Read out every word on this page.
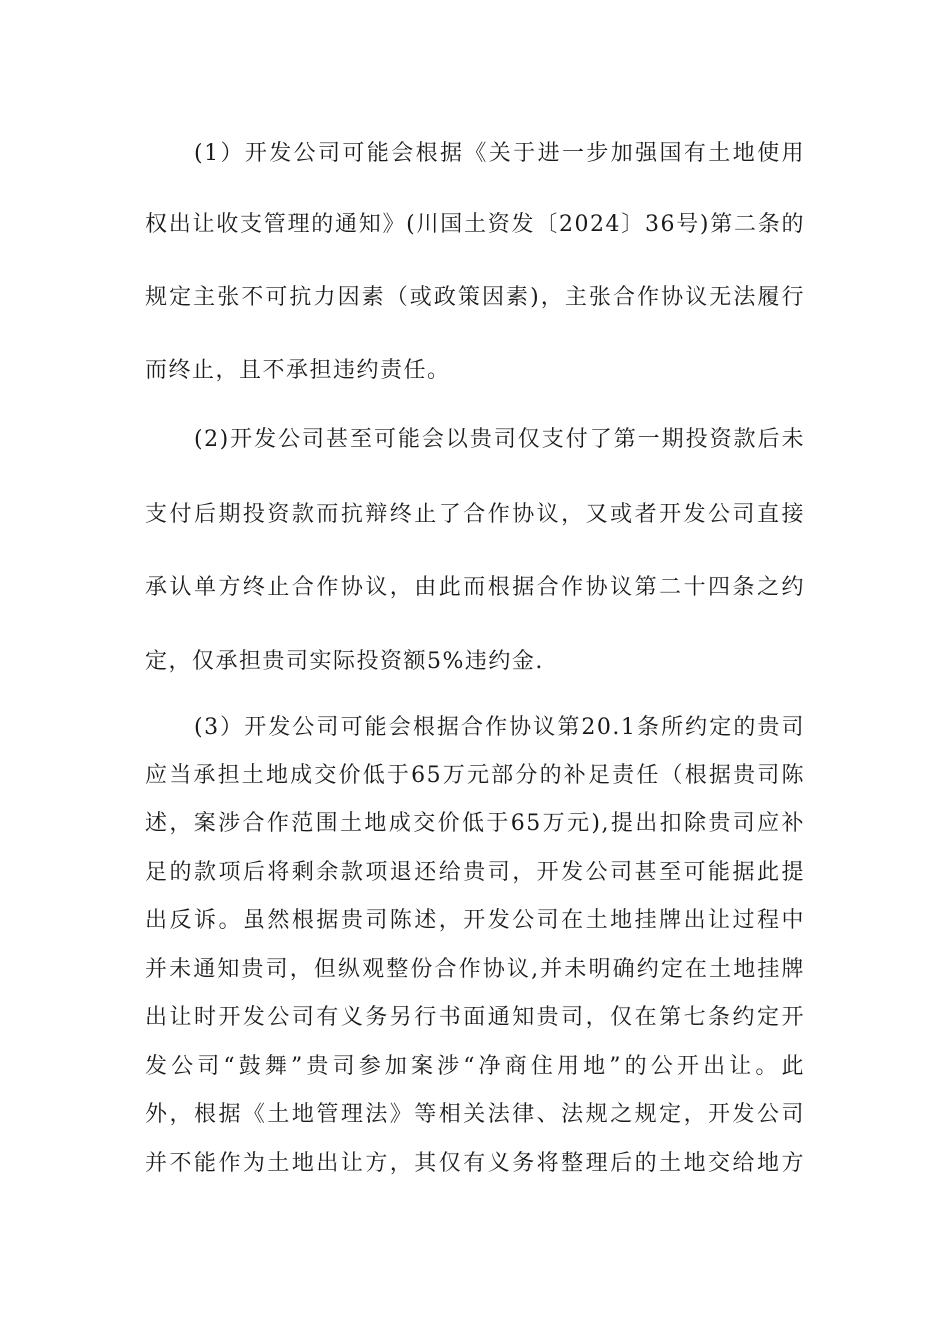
(1）开发公司可能会根据《关于进一步加强国有土地使用
权出让收支管理的通知》(川国土资发〔2024〕36号)第二条的
规定主张不可抗力因素（或政策因素)，主张合作协议无法履行
而终止，且不承担违约责任。
(2)开发公司甚至可能会以贵司仅支付了第一期投资款后未
支付后期投资款而抗辩终止了合作协议，又或者开发公司直接
承认单方终止合作协议，由此而根据合作协议第二十四条之约
定，仅承担贵司实际投资额5%违约金.
(3）开发公司可能会根据合作协议第20.1条所约定的贵司
应当承担土地成交价低于65万元部分的补足责任（根据贵司陈
述，案涉合作范围土地成交价低于65万元),提出扣除贵司应补
足的款项后将剩余款项退还给贵司，开发公司甚至可能据此提
出反诉。虽然根据贵司陈述，开发公司在土地挂牌出让过程中
并未通知贵司，但纵观整份合作协议,并未明确约定在土地挂牌
出让时开发公司有义务另行书面通知贵司，仅在第七条约定开
发公司“鼓舞”贵司参加案涉“净商住用地”的公开出让。此
外，根据《土地管理法》等相关法律、法规之规定，开发公司
并不能作为土地出让方，其仅有义务将整理后的土地交给地方
